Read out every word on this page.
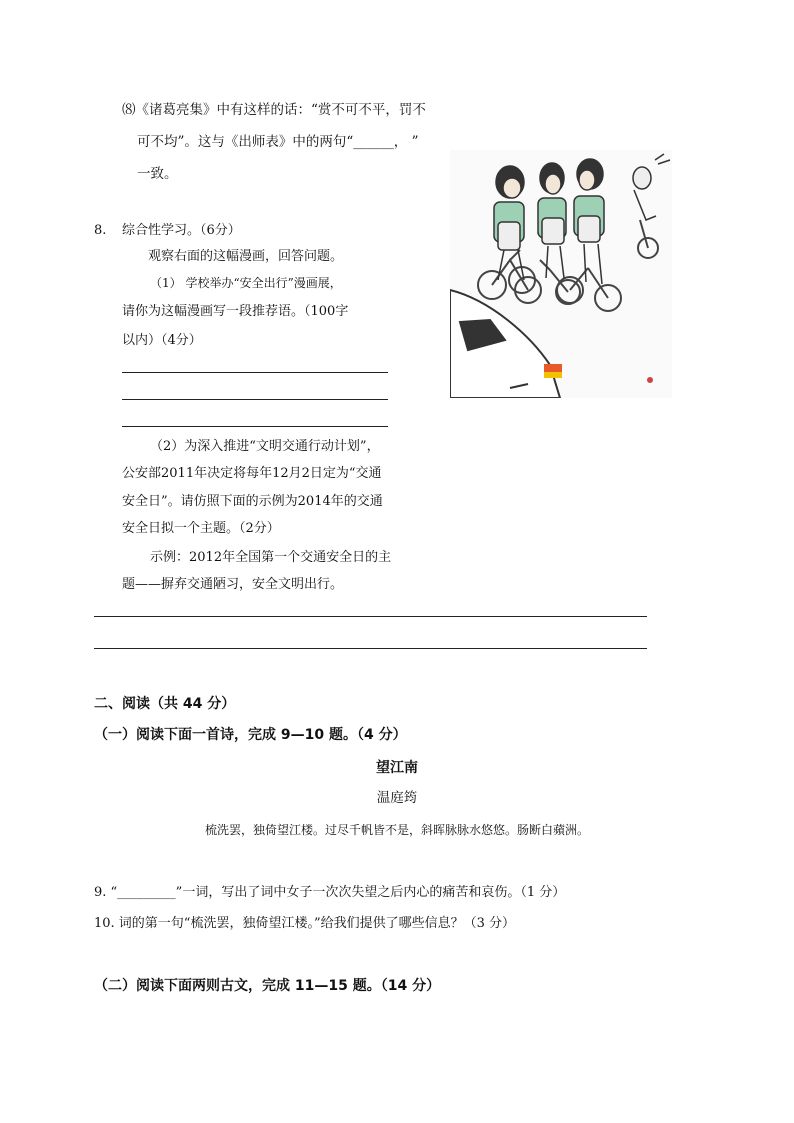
⑻《诸葛亮集》中有这样的话：“赏不可不平，罚不
可不均”。这与《出师表》中的两句“______， ”
一致。
8. 综合性学习。（6分）
观察右面的这幅漫画，回答问题。
（1） 学校举办“安全出行”漫画展，
请你为这幅漫画写一段推荐语。（100字
以内）（4分）
（2）为深入推进“文明交通行动计划”，
公安部2011年决定将每年12月2日定为“交通
安全日”。请仿照下面的示例为2014年的交通
安全日拟一个主题。（2分）
示例：2012年全国第一个交通安全日的主
题——摒弃交通陋习，安全文明出行。
二、阅读（共 44 分）
（一）阅读下面一首诗，完成 9—10 题。（4 分）
望江南
温庭筠
梳洗罢，独倚望江楼。过尽千帆皆不是，斜晖脉脉水悠悠。肠断白蘋洲。
9. “_________”一词，写出了词中女子一次次失望之后内心的痛苦和哀伤。（1 分）
10. 词的第一句“梳洗罢，独倚望江楼。”给我们提供了哪些信息？（3 分）
（二）阅读下面两则古文，完成 11—15 题。（14 分）
